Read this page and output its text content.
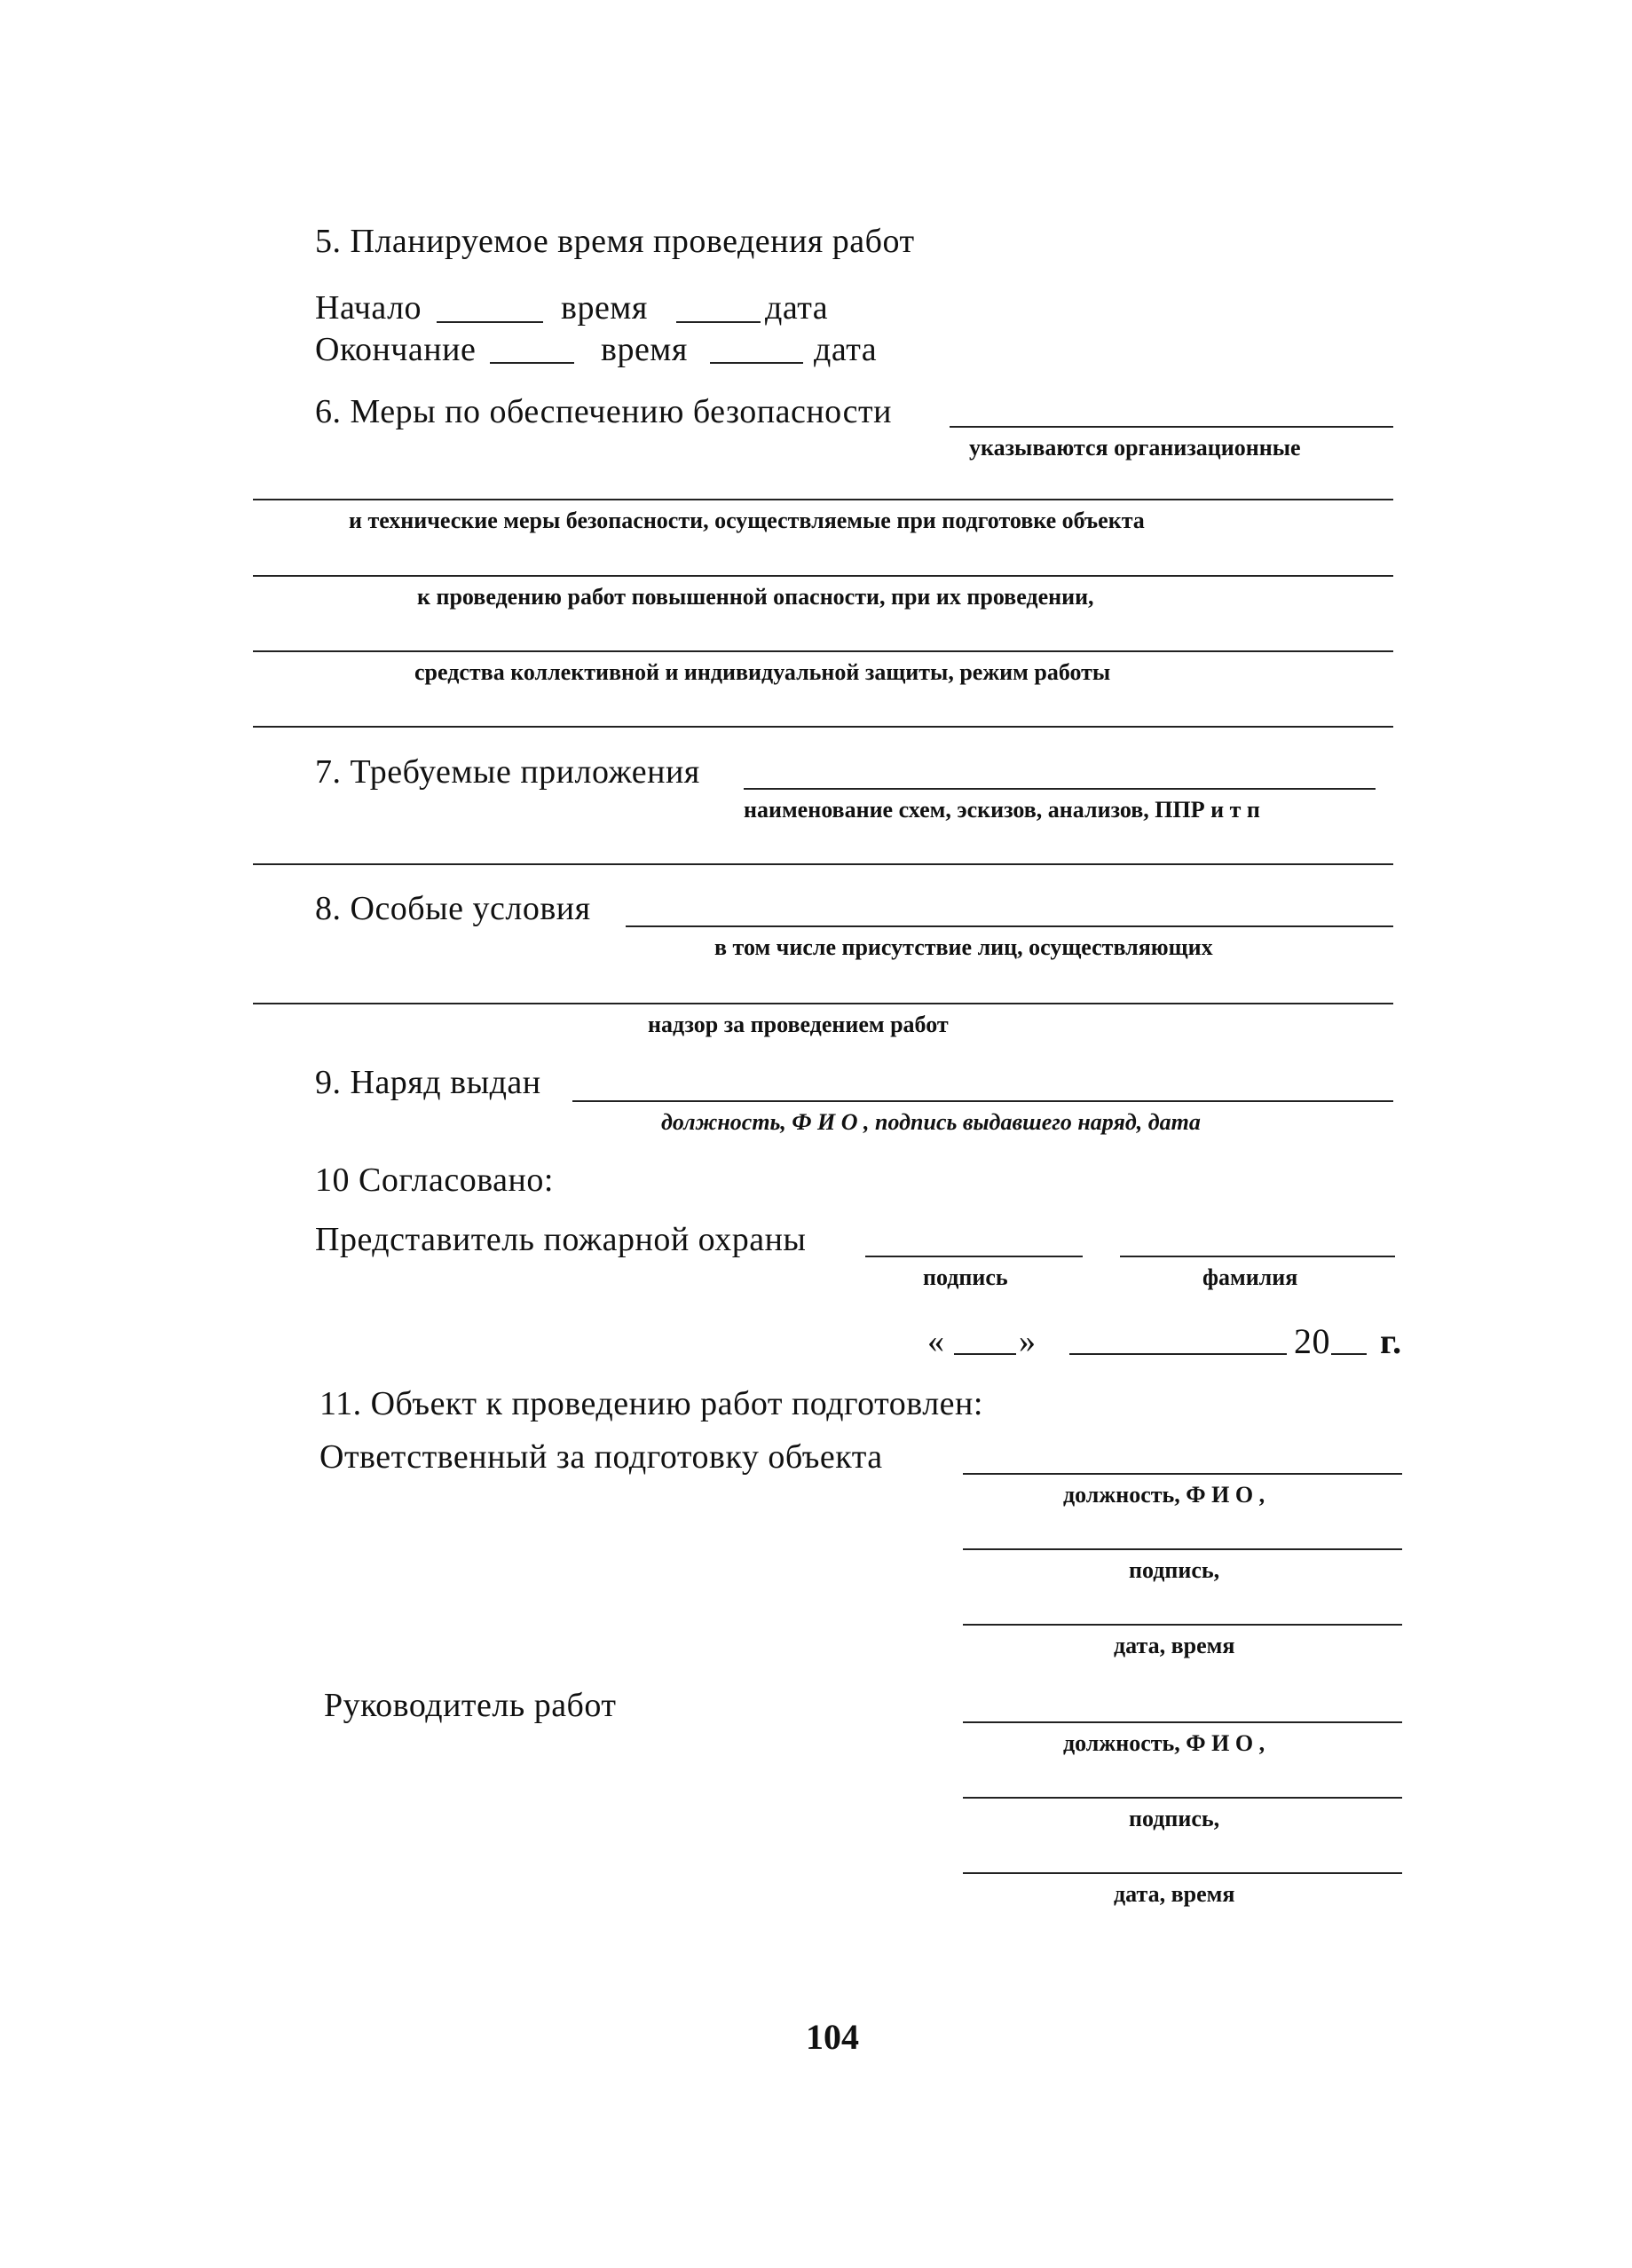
5. Планируемое время проведения работ
Начало	время	дата
Окончание	время	дата
6. Меры по обеспечению безопасности
указываются организационные
и технические меры безопасности, осуществляемые при подготовке объекта
к проведению работ повышенной опасности, при их проведении,
средства коллективной и индивидуальной защиты, режим работы
7. Требуемые приложения
наименование схем, эскизов, анализов, ППР и т п
8. Особые условия
в том числе присутствие лиц, осуществляющих
надзор за проведением работ
9. Наряд выдан
должность, Ф И О , подпись выдавшего наряд, дата
10 Согласовано:
Представитель пожарной охраны
подпись	фамилия
« »	20 г.
11. Объект к проведению работ подготовлен:
Ответственный за подготовку объекта
должность, Ф И О ,
подпись,
дата, время
Руководитель работ
должность, Ф И О ,
подпись,
дата, время
104
